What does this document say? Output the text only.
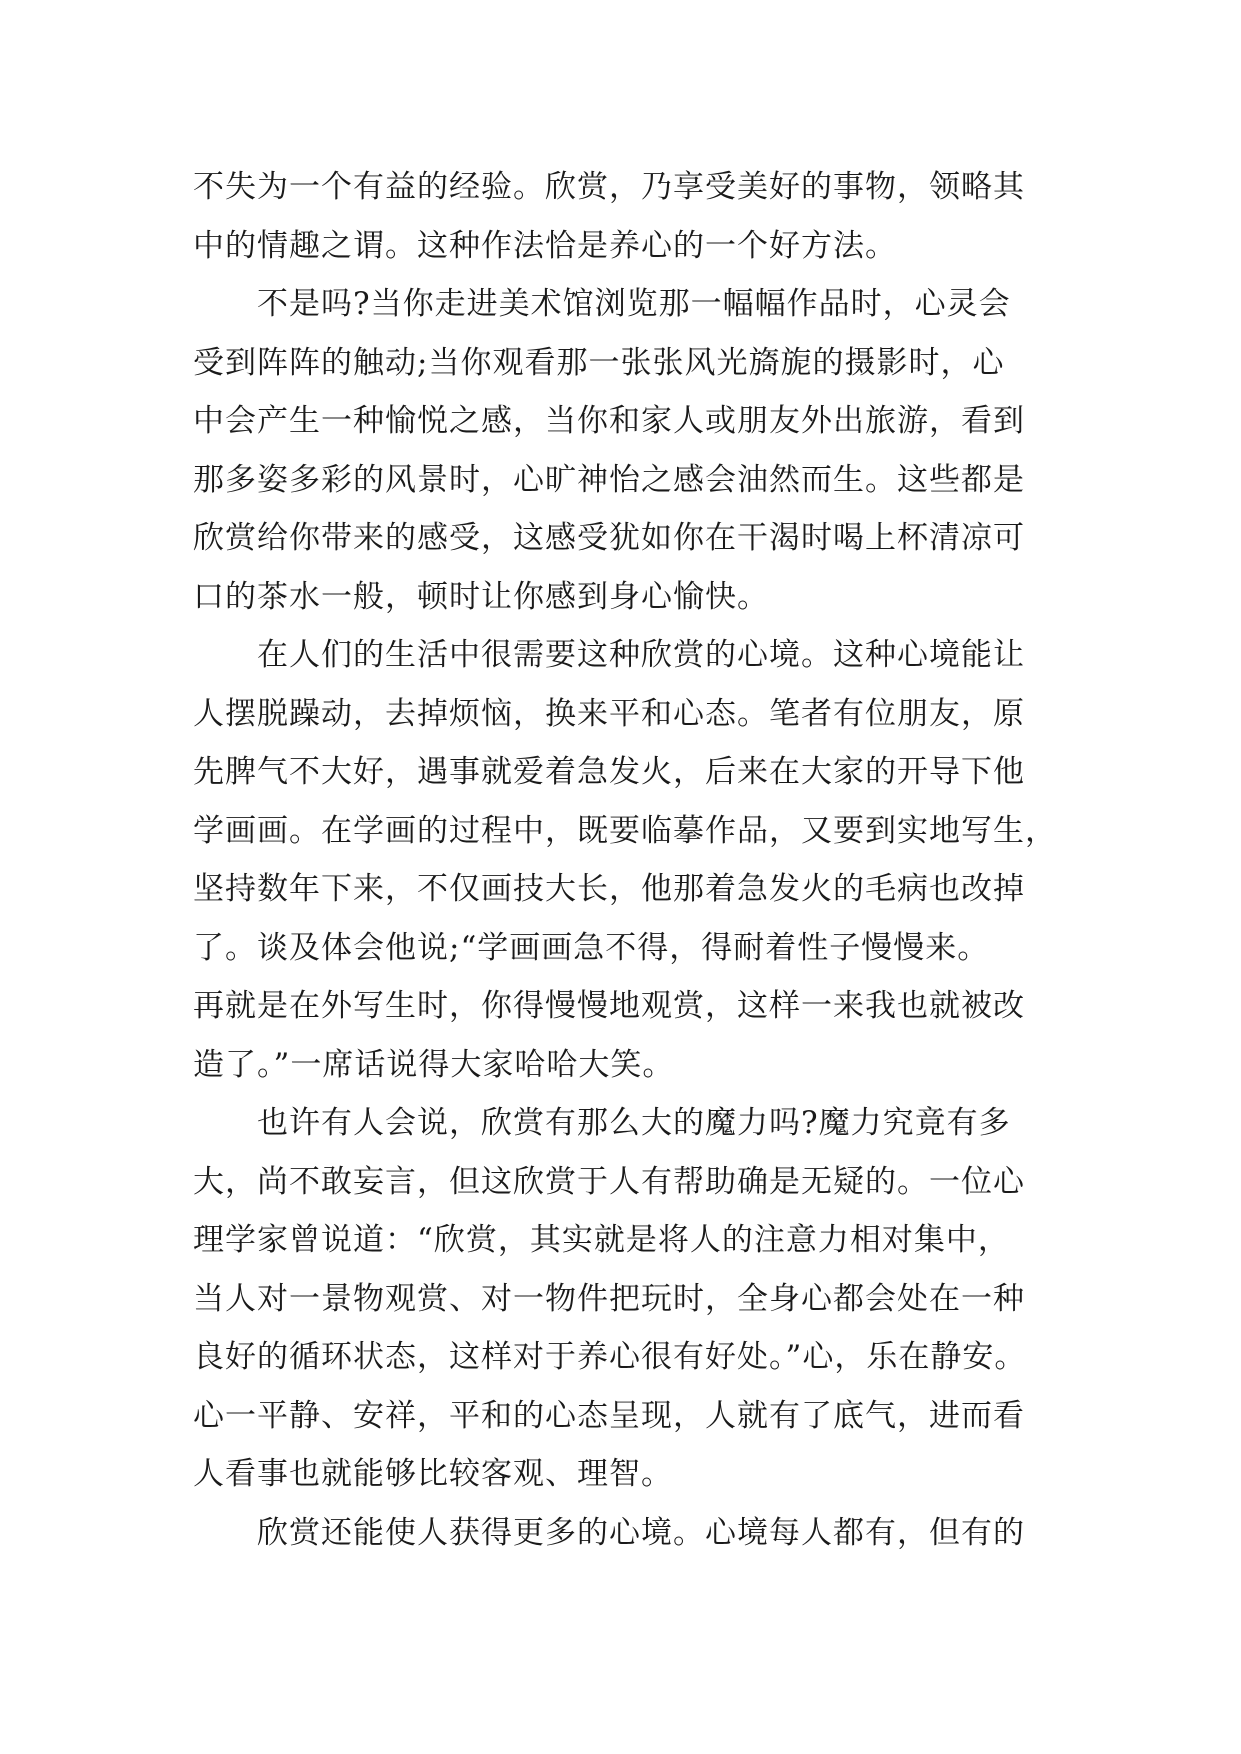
不失为一个有益的经验。欣赏，乃享受美好的事物，领略其
中的情趣之谓。这种作法恰是养心的一个好方法。
　　不是吗?当你走进美术馆浏览那一幅幅作品时，心灵会
受到阵阵的触动;当你观看那一张张风光旖旎的摄影时，心
中会产生一种愉悦之感，当你和家人或朋友外出旅游，看到
那多姿多彩的风景时，心旷神怡之感会油然而生。这些都是
欣赏给你带来的感受，这感受犹如你在干渴时喝上杯清凉可
口的茶水一般，顿时让你感到身心愉快。
　　在人们的生活中很需要这种欣赏的心境。这种心境能让
人摆脱躁动，去掉烦恼，换来平和心态。笔者有位朋友，原
先脾气不大好，遇事就爱着急发火，后来在大家的开导下他
学画画。在学画的过程中，既要临摹作品，又要到实地写生，
坚持数年下来，不仅画技大长，他那着急发火的毛病也改掉
了。谈及体会他说;“学画画急不得，得耐着性子慢慢来。
再就是在外写生时，你得慢慢地观赏，这样一来我也就被改
造了。”一席话说得大家哈哈大笑。
　　也许有人会说，欣赏有那么大的魔力吗?魔力究竟有多
大，尚不敢妄言，但这欣赏于人有帮助确是无疑的。一位心
理学家曾说道：“欣赏，其实就是将人的注意力相对集中，
当人对一景物观赏、对一物件把玩时，全身心都会处在一种
良好的循环状态，这样对于养心很有好处。”心，乐在静安。
心一平静、安祥，平和的心态呈现，人就有了底气，进而看
人看事也就能够比较客观、理智。
　　欣赏还能使人获得更多的心境。心境每人都有，但有的
